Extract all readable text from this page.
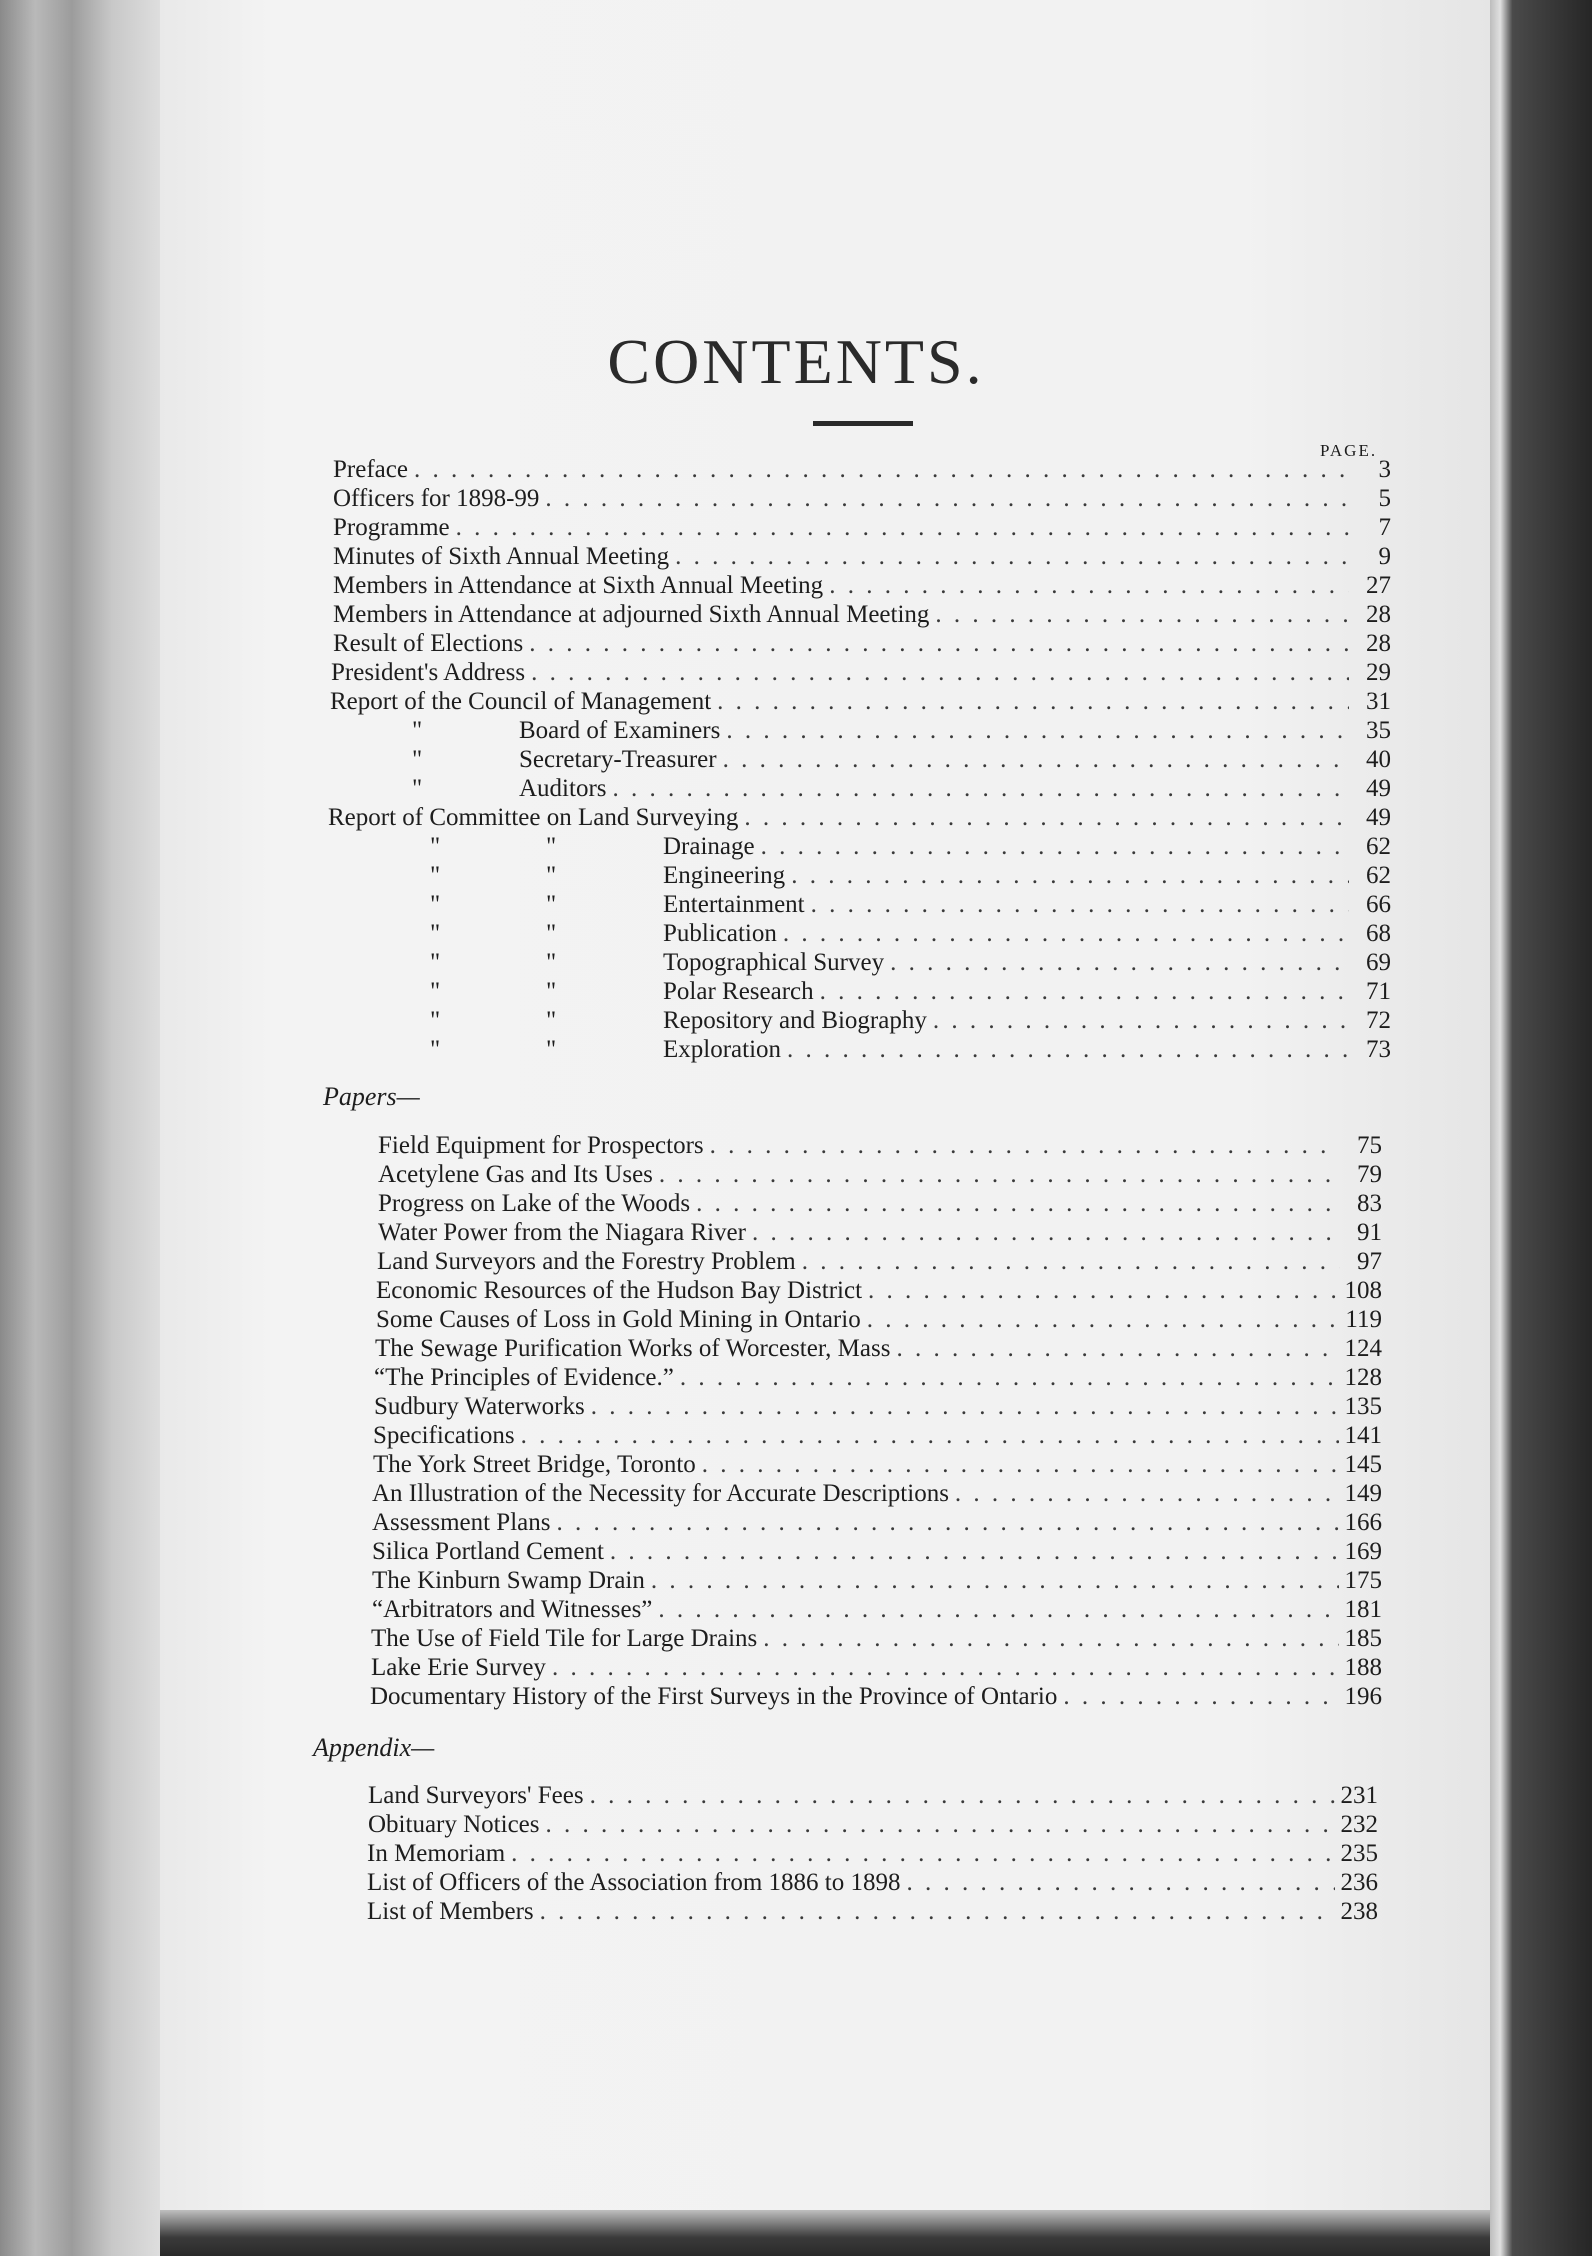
CONTENTS.
PAGE.
Preface . . .	3
Officers for 1898-99 . . .	5
Programme . . .	7
Minutes of Sixth Annual Meeting . . .	9
Members in Attendance at Sixth Annual Meeting . . .	27
Members in Attendance at adjourned Sixth Annual Meeting . . .	28
Result of Elections . . .	28
President's Address . . .	29
Report of the Council of Management . . .	31
"	Board of Examiners . . .	35
"	Secretary-Treasurer . . .	40
"	Auditors . . .	49
Report of Committee on Land Surveying . . .	49
"	"	Drainage . . .	62
"	"	Engineering . . .	62
"	"	Entertainment . . .	66
"	"	Publication . . .	68
"	"	Topographical Survey . . .	69
"	"	Polar Research . . .	71
"	"	Repository and Biography . . .	72
"	"	Exploration . . .	73
Papers—
Field Equipment for Prospectors . . .	75
Acetylene Gas and Its Uses . . .	79
Progress on Lake of the Woods . . .	83
Water Power from the Niagara River . . .	91
Land Surveyors and the Forestry Problem . . .	97
Economic Resources of the Hudson Bay District . . .	108
Some Causes of Loss in Gold Mining in Ontario . . .	119
The Sewage Purification Works of Worcester, Mass . . .	124
“The Principles of Evidence.” . . .	128
Sudbury Waterworks . . .	135
Specifications . . .	141
The York Street Bridge, Toronto . . .	145
An Illustration of the Necessity for Accurate Descriptions . . .	149
Assessment Plans . . .	166
Silica Portland Cement . . .	169
The Kinburn Swamp Drain . . .	175
“Arbitrators and Witnesses” . . .	181
The Use of Field Tile for Large Drains . . .	185
Lake Erie Survey . . .	188
Documentary History of the First Surveys in the Province of Ontario . . .	196
Appendix—
Land Surveyors' Fees . . .	231
Obituary Notices . . .	232
In Memoriam . . .	235
List of Officers of the Association from 1886 to 1898 . . .	236
List of Members . . .	238
